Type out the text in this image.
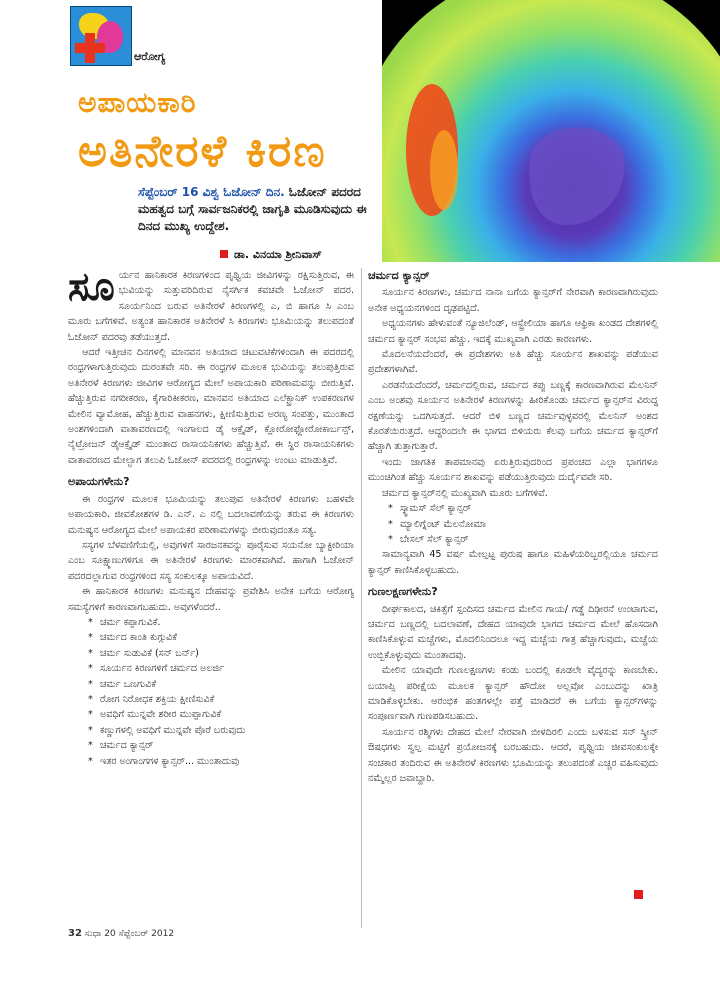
ಆರೋಗ್ಯ
ಅಪಾಯಕಾರಿ
ಅತಿನೇರಳೆ ಕಿರಣ
ಸೆಪ್ಟೆಂಬರ್ 16 ವಿಶ್ವ ಓಜೋನ್ ದಿನ. ಓಜೋನ್ ಪದರದ ಮಹತ್ವದ ಬಗ್ಗೆ ಸಾರ್ವಜನಿಕರಲ್ಲಿ ಜಾಗೃತಿ ಮೂಡಿಸುವುದು ಈ ದಿನದ ಮುಖ್ಯ ಉದ್ದೇಶ.
ಡಾ. ವಿನಯಾ ಶ್ರೀನಿವಾಸ್

ಸೂರ್ಯನ ಹಾನಿಕಾರಕ ಕಿರಣಗಳಿಂದ ಪೃಥ್ವಿಯ ಜೀವಿಗಳನ್ನು ರಕ್ಷಿಸುತ್ತಿರುವ, ಈ ಭುವಿಯನ್ನು ಸುತ್ತುವರಿದಿರುವ ನೈಸರ್ಗಿಕ ಕವಚವೇ ಓಜೋನ್ ಪದರ. ಸೂರ್ಯನಿಂದ ಬರುವ ಅತಿನೇರಳೆ ಕಿರಣಗಳಲ್ಲಿ ಎ, ಬಿ ಹಾಗೂ ಸಿ ಎಂಬ ಮೂರು ಬಗೆಗಳಿವೆ. ಅತ್ಯಂತ ಹಾನಿಕಾರಕ ಅತಿನೇರಳೆ ಸಿ ಕಿರಣಗಳು ಭೂಮಿಯನ್ನು ತಲುಪದಂತೆ ಓಜೋನ್ ಪದರವು ತಡೆಯುತ್ತದೆ.

ಆದರೆ ಇತ್ತೀಚಿನ ದಿನಗಳಲ್ಲಿ ಮಾನವನ ಅತಿಯಾದ ಚಟುವಟಿಕೆಗಳಿಂದಾಗಿ ಈ ಪದರದಲ್ಲಿ ರಂಧ್ರಗಳಾಗುತ್ತಿರುವುದು ದುರಂತವೇ ಸರಿ. ಈ ರಂಧ್ರಗಳ ಮೂಲಕ ಭುವಿಯನ್ನು ತಲುಪುತ್ತಿರುವ ಅತಿನೇರಳೆ ಕಿರಣಗಳು ಜೀವಿಗಳ ಆರೋಗ್ಯದ ಮೇಲೆ ಅಪಾಯಕಾರಿ ಪರಿಣಾಮವನ್ನು ಬೀರುತ್ತಿವೆ. ಹೆಚ್ಚುತ್ತಿರುವ ನಗರೀಕರಣ, ಕೈಗಾರಿಕೀಕರಣ, ಮಾನವನ ಅತಿಯಾದ ಎಲೆಕ್ಟ್ರಾನಿಕ್ ಉಪಕರಣಗಳ ಮೇಲಿನ ವ್ಯಾಮೋಹ, ಹೆಚ್ಚುತ್ತಿರುವ ವಾಹನಗಳು, ಕ್ಷೀಣಿಸುತ್ತಿರುವ ಅರಣ್ಯ ಸಂಪತ್ತು, ಮುಂತಾದ ಅಂಶಗಳಿಂದಾಗಿ ವಾತಾವರಣದಲ್ಲಿ ಇಂಗಾಲದ ಡೈ ಆಕ್ಸೈಡ್, ಕ್ಲೋರೋಫ್ಲೋರೋಕಾರ್ಬನ್ಸ್, ನೈಟ್ರೋಜನ್ ಡೈಆಕ್ಸೈಡ್ ಮುಂತಾದ ರಾಸಾಯನಿಕಗಳು ಹೆಚ್ಚುತ್ತಿವೆ. ಈ ಸ್ಥಿರ ರಾಸಾಯನಿಕಗಳು ವಾತಾವರಣದ ಮೇಲ್ಭಾಗ ತಲುಪಿ ಓಜೋನ್ ಪದರದಲ್ಲಿ ರಂಧ್ರಗಳನ್ನು ಉಂಟು ಮಾಡುತ್ತಿವೆ.

ಅಪಾಯಗಳೇನು?

ಈ ರಂಧ್ರಗಳ ಮೂಲಕ ಭೂಮಿಯನ್ನು ತಲುಪುವ ಅತಿನೇರಳೆ ಕಿರಣಗಳು ಬಹಳವೇ ಅಪಾಯಕಾರಿ. ಜೀವಕೋಶಗಳ ಡಿ. ಎನ್. ಎ ನಲ್ಲಿ ಬದಲಾವಣೆಯನ್ನು ತರುವ ಈ ಕಿರಣಗಳು ಮನುಷ್ಯನ ಆರೋಗ್ಯದ ಮೇಲೆ ಅಪಾಯಕರ ಪರಿಣಾಮಗಳನ್ನು ಬೀರುವುದಂತೂ ಸತ್ಯ.

ಸಸ್ಯಗಳ ಬೆಳವಣಿಗೆಯಲ್ಲಿ, ಅವುಗಳಿಗೆ ಸಾರಜನಕವನ್ನು ಪೂರೈಸುವ ಸಯನೋ ಬ್ಯಾಕ್ಟೀರಿಯಾ ಎಂಬ ಸೂಕ್ಷ್ಮಾಣುಗಳಿಗೂ ಈ ಅತಿನೇರಳೆ ಕಿರಣಗಳು ಮಾರಕವಾಗಿವೆ. ಹಾಗಾಗಿ ಓಜೋನ್ ಪದರದಲ್ಲಾಗುವ ರಂಧ್ರಗಳಿಂದ ಸಸ್ಯ ಸಂಕುಲಕ್ಕೂ ಅಪಾಯವಿದೆ.

ಈ ಹಾನಿಕಾರಕ ಕಿರಣಗಳು ಮನುಷ್ಯನ ದೇಹವನ್ನು ಪ್ರವೇಶಿಸಿ ಅನೇಕ ಬಗೆಯ ಆರೋಗ್ಯ ಸಮಸ್ಯೆಗಳಿಗೆ ಕಾರಣವಾಗಬಹುದು. ಅವುಗಳೆಂದರೆ..

* ಚರ್ಮ ಕಪ್ಪಾಗುವಿಕೆ.
* ಚರ್ಮದ ಕಾಂತಿ ಕುಗ್ಗುವಿಕೆ
* ಚರ್ಮ ಸುಡುವಿಕೆ (ಸನ್ ಬರ್ನ್)
* ಸೂರ್ಯನ ಕಿರಣಗಳಿಗೆ ಚರ್ಮದ ಅಲರ್ಜಿ
* ಚರ್ಮ ಒಣಗುವಿಕೆ
* ರೋಗ ನಿರೋಧಕ ಶಕ್ತಿಯ ಕ್ಷೀಣಿಸುವಿಕೆ
* ಅವಧಿಗೆ ಮುನ್ನವೇ ಶರೀರ ಮುಪ್ಪಾಗುವಿಕೆ
* ಕಣ್ಣುಗಳಲ್ಲಿ ಅವಧಿಗೆ ಮುನ್ನವೇ ಪೊರೆ ಬರುವುದು
* ಚರ್ಮದ ಕ್ಯಾನ್ಸರ್
* ಇತರ ಅಂಗಾಂಗಗಳ ಕ್ಯಾನ್ಸರ್... ಮುಂತಾದುವು
ಚರ್ಮದ ಕ್ಯಾನ್ಸರ್

ಸೂರ್ಯನ ಕಿರಣಗಳು, ಚರ್ಮದ ನಾನಾ ಬಗೆಯ ಕ್ಯಾನ್ಸರ್‌ಗೆ ನೇರವಾಗಿ ಕಾರಣವಾಗಿರುವುದು ಅನೇಕ ಅಧ್ಯಯನಗಳಿಂದ ದೃಢಪಟ್ಟಿದೆ.

ಅಧ್ಯಯನಗಳು ಹೇಳುವಂತೆ ನ್ಯೂಜಿಲೆಂಡ್, ಆಸ್ಟ್ರೇಲಿಯಾ ಹಾಗೂ ಆಫ್ರಿಕಾ ಖಂಡದ ದೇಶಗಳಲ್ಲಿ ಚರ್ಮದ ಕ್ಯಾನ್ಸರ್ ಸಂಭವ ಹೆಚ್ಚು. ಇದಕ್ಕೆ ಮುಖ್ಯವಾಗಿ ಎರಡು ಕಾರಣಗಳು.

ಮೊದಲನೆಯದೆಂದರೆ, ಈ ಪ್ರದೇಶಗಳು ಅತಿ ಹೆಚ್ಚು ಸೂರ್ಯನ ಶಾಖವನ್ನು ಪಡೆಯುವ ಪ್ರದೇಶಗಳಾಗಿವೆ.

ಎರಡನೆಯದೆಂದರೆ, ಚರ್ಮದಲ್ಲಿರುವ, ಚರ್ಮದ ಕಪ್ಪು ಬಣ್ಣಕ್ಕೆ ಕಾರಣವಾಗಿರುವ ಮೆಲನಿನ್ ಎಂಬ ಅಂಶವು ಸೂರ್ಯನ ಅತಿನೇರಳೆ ಕಿರಣಗಳನ್ನು ಹೀರಿಕೊಂಡು ಚರ್ಮದ ಕ್ಯಾನ್ಸರ್‌ನ ವಿರುದ್ಧ ರಕ್ಷಣೆಯನ್ನು ಒದಗಿಸುತ್ತದೆ. ಆದರೆ ಬಿಳಿ ಬಣ್ಣದ ಚರ್ಮವುಳ್ಳವರಲ್ಲಿ ಮೆಲನಿನ್ ಅಂಶದ ಕೊರತೆಯಿರುತ್ತದೆ. ಆದ್ದರಿಂದಲೇ ಈ ಭಾಗದ ಬಿಳಿಯರು ಕೆಲವು ಬಗೆಯ ಚರ್ಮದ ಕ್ಯಾನ್ಸರ್‌ಗೆ ಹೆಚ್ಚಾಗಿ ತುತ್ತಾಗುತ್ತಾರೆ.

ಇಂದು ಜಾಗತಿಕ ತಾಪಮಾನವು ಏರುತ್ತಿರುವುದರಿಂದ ಪ್ರಪಂಚದ ಎಲ್ಲಾ ಭಾಗಗಳೂ ಮುಂಚಿಗಿಂತ ಹೆಚ್ಚು ಸೂರ್ಯನ ಶಾಖವನ್ನು ಪಡೆಯುತ್ತಿರುವುದು ದುರ್ದೈವವೇ ಸರಿ.

ಚರ್ಮದ ಕ್ಯಾನ್ಸರ್‌ನಲ್ಲಿ ಮುಖ್ಯವಾಗಿ ಮೂರು ಬಗೆಗಳಿವೆ.

* ಸ್ಕ್ವಾಮಸ್ ಸೆಲ್ ಕ್ಯಾನ್ಸರ್
* ಮ್ಯಾಲಿಗ್ನೆಂಟ್ ಮೆಲನೋಮಾ
* ಬೇಸಲ್ ಸೆಲ್ ಕ್ಯಾನ್ಸರ್

ಸಾಮಾನ್ಯವಾಗಿ 45 ವರ್ಷ ಮೇಲ್ಪಟ್ಟ ಪುರುಷ ಹಾಗೂ ಮಹಿಳೆಯರಿಬ್ಬರಲ್ಲಿಯೂ ಚರ್ಮದ ಕ್ಯಾನ್ಸರ್ ಕಾಣಿಸಿಕೊಳ್ಳಬಹುದು.

ಗುಣಲಕ್ಷಣಗಳೇನು?

ದೀರ್ಘಕಾಲದ, ಚಿಕಿತ್ಸೆಗೆ ಸ್ಪಂದಿಸದ ಚರ್ಮದ ಮೇಲಿನ ಗಾಯ/ ಗಡ್ಡೆ ದಿಢೀರನೆ ಉಂಟಾಗುವ, ಚರ್ಮದ ಬಣ್ಣದಲ್ಲಿ ಬದಲಾವಣೆ, ದೇಹದ ಯಾವುದೇ ಭಾಗದ ಚರ್ಮದ ಮೇಲೆ ಹೊಸದಾಗಿ ಕಾಣಿಸಿಕೊಳ್ಳುವ ಮಚ್ಚೆಗಳು, ಮೊದಲಿನಿಂದಲೂ ಇದ್ದ ಮಚ್ಚೆಯ ಗಾತ್ರ ಹೆಚ್ಚಾಗುವುದು, ಮಚ್ಚೆಯ ಉಬ್ಬಿಕೊಳ್ಳುವುದು ಮುಂತಾದವು.

ಮೇಲಿನ ಯಾವುದೇ ಗುಣಲಕ್ಷಣಗಳು ಕಂಡು ಬಂದಲ್ಲಿ ಕೂಡಲೇ ವೈದ್ಯರನ್ನು ಕಾಣಬೇಕು. ಬಯಾಪ್ಸಿ ಪರೀಕ್ಷೆಯ ಮೂಲಕ ಕ್ಯಾನ್ಸರ್ ಹೌದೋ ಅಲ್ಲವೋ ಎಂಬುದನ್ನು ಖಾತ್ರಿ ಮಾಡಿಕೊಳ್ಳಬೇಕು. ಆರಂಭಿಕ ಹಂತಗಳಲ್ಲೇ ಪತ್ತೆ ಮಾಡಿದರೆ ಈ ಬಗೆಯ ಕ್ಯಾನ್ಸರ್‌ಗಳನ್ನು ಸಂಪೂರ್ಣವಾಗಿ ಗುಣಪಡಿಸಬಹುದು.

ಸೂರ್ಯನ ರಶ್ಮಿಗಳು ದೇಹದ ಮೇಲೆ ನೇರವಾಗಿ ಬೀಳದಿರಲಿ ಎಂದು ಬಳಸುವ ಸನ್ ಸ್ಕ್ರೀನ್ ಔಷಧಗಳು ಸ್ವಲ್ಪ ಮಟ್ಟಿಗೆ ಪ್ರಯೋಜನಕ್ಕೆ ಬರಬಹುದು. ಆದರೆ, ಪೃಥ್ವಿಯ ಜೀವಸಂಕುಲಕ್ಕೇ ಸಂಚಕಾರ ತಂದಿರುವ ಈ ಅತಿನೇರಳೆ ಕಿರಣಗಳು ಭೂಮಿಯನ್ನು ತಲುಪದಂತೆ ಎಚ್ಚರ ವಹಿಸುವುದು ನಮ್ಮೆಲ್ಲರ ಜವಾಬ್ದಾರಿ.

32 ಸುಧಾ 20 ಸೆಪ್ಟೆಂಬರ್ 2012
